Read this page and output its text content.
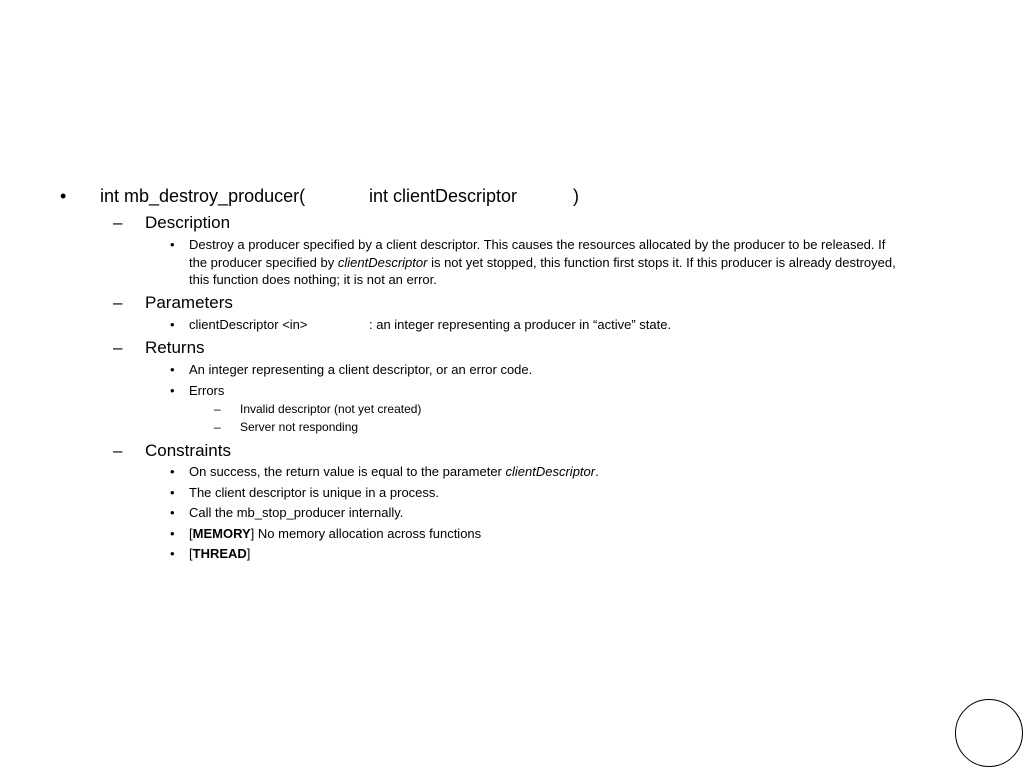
• int mb_destroy_producer(	int clientDescriptor	)
– Description
• Destroy a producer specified by a client descriptor. This causes the resources allocated by the producer to be released. If
the producer specified by clientDescriptor is not yet stopped, this function first stops it. If this producer is already destroyed,
this function does nothing; it is not an error.
– Parameters
• clientDescriptor <in>	: an integer representing a producer in “active” state.
– Returns
• An integer representing a client descriptor, or an error code.
• Errors
– Invalid descriptor (not yet created)
– Server not responding
– Constraints
• On success, the return value is equal to the parameter clientDescriptor.
• The client descriptor is unique in a process.
• Call the mb_stop_producer internally.
• [MEMORY] No memory allocation across functions
• [THREAD]
